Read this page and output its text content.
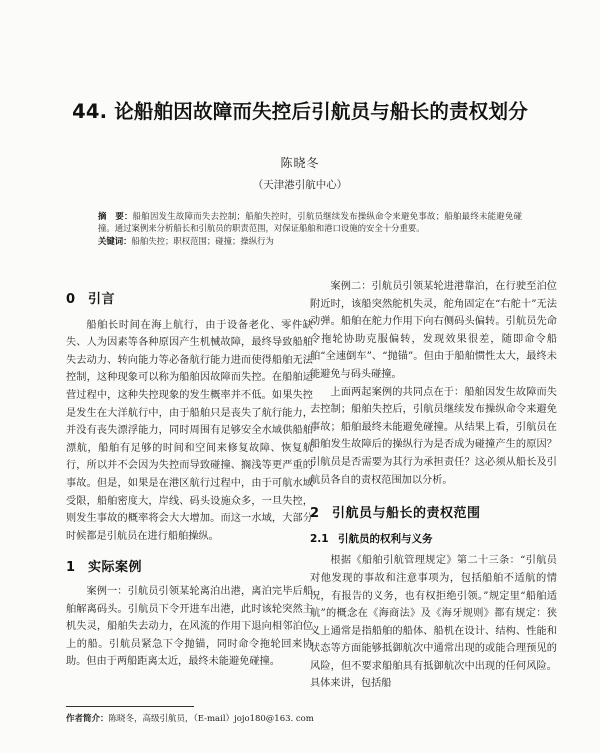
44. 论船舶因故障而失控后引航员与船长的责权划分
陈晓冬
（天津港引航中心）
摘　要：船舶因发生故障而失去控制；船舶失控时，引航员继续发布操纵命令来避免事故；船舶最终未能避免碰撞。通过案例来分析船长和引航员的职责范围，对保证船舶和港口设施的安全十分重要。
关键词：船舶失控；职权范围；碰撞；操纵行为
0 引言

船舶长时间在海上航行，由于设备老化、零件缺失、人为因素等各种原因产生机械故障，最终导致船舶失去动力、转向能力等必备航行能力进而使得船舶无法控制，这种现象可以称为船舶因故障而失控。在船舶运营过程中，这种失控现象的发生概率并不低。如果失控是发生在大洋航行中，由于船舶只是丧失了航行能力，并没有丧失漂浮能力，同时周围有足够安全水域供船舶漂航，船舶有足够的时间和空间来修复故障、恢复航行，所以并不会因为失控而导致碰撞、搁浅等更严重的事故。但是，如果是在港区航行过程中，由于可航水域受限，船舶密度大，岸线、码头设施众多，一旦失控，则发生事故的概率将会大大增加。而这一水域，大部分时候都是引航员在进行船舶操纵。

1 实际案例

案例一：引航员引领某轮离泊出港，离泊完毕后船舶解离码头。引航员下令开进车出港，此时该轮突然主机失灵，船舶失去动力，在风流的作用下退向相邻泊位上的船。引航员紧急下令抛锚，同时命令拖轮回来协助。但由于两船距离太近，最终未能避免碰撞。

案例二：引航员引领某轮进港靠泊，在行驶至泊位附近时，该船突然舵机失灵，舵角固定在“右舵十”无法动弹。船舶在舵力作用下向右侧码头偏转。引航员先命令拖轮协助克服偏转，发现效果很差，随即命令船舶“全速倒车”、“抛锚”。但由于船舶惯性太大，最终未能避免与码头碰撞。

上面两起案例的共同点在于：船舶因发生故障而失去控制；船舶失控后，引航员继续发布操纵命令来避免事故；船舶最终未能避免碰撞。从结果上看，引航员在船舶发生故障后的操纵行为是否成为碰撞产生的原因？引航员是否需要为其行为承担责任？这必须从船长及引航员各自的责权范围加以分析。

2 引航员与船长的责权范围
2.1 引航员的权利与义务

根据《船舶引航管理规定》第二十三条：“引航员对他发现的事故和注意事项为，包括船舶不适航的情况，有报告的义务，也有权拒绝引领。”规定里“船舶适航”的概念在《海商法》及《海牙规则》都有规定：狭义上通常是指船舶的船体、船机在设计、结构、性能和状态等方面能够抵御航次中通常出现的或能合理预见的风险，但不要求船舶具有抵御航次中出现的任何风险。具体来讲，包括船

作者简介：陈晓冬，高级引航员，（E-mail）jojo180@163. com
